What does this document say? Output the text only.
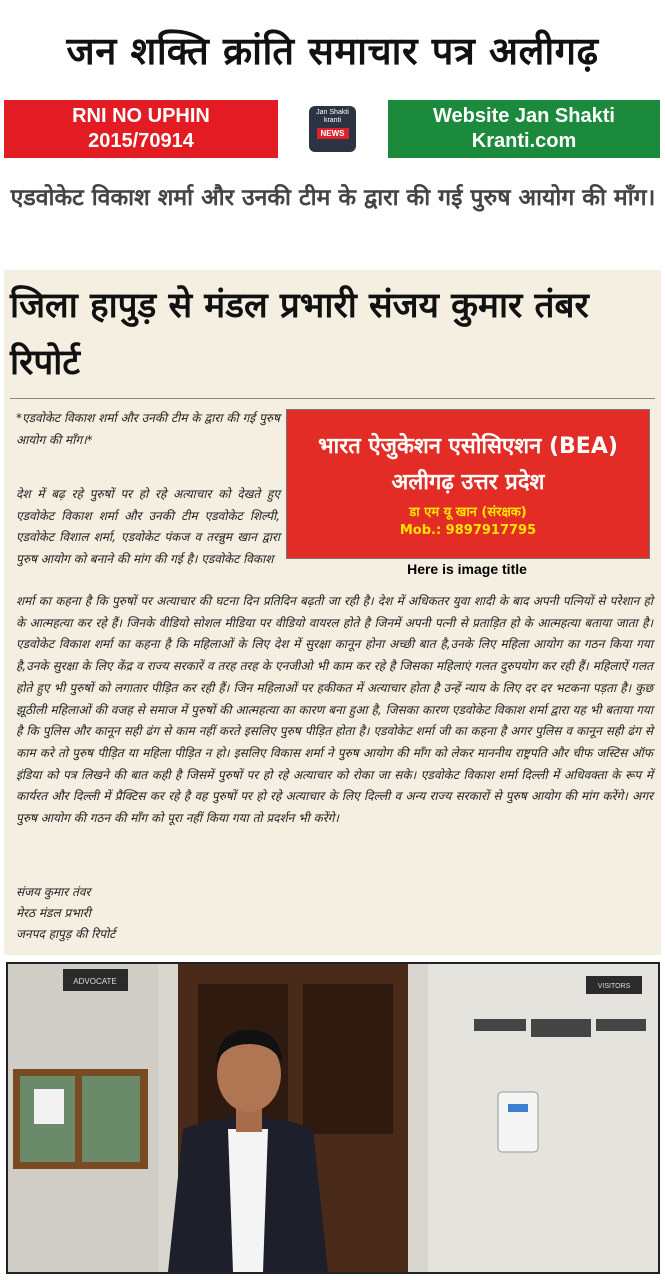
जन शक्ति क्रांति समाचार पत्र अलीगढ़
RNI NO UPHIN
2015/70914
Jan Shakti
kranti
NEWS
Website Jan Shakti
Kranti.com
एडवोकेट विकाश शर्मा और उनकी टीम के द्वारा की गई पुरुष आयोग की माँग।
जिला हापुड़ से मंडल प्रभारी संजय कुमार तंबर रिपोर्ट
भारत ऐजुकेशन एसोसिएशन (BEA)
अलीगढ़ उत्तर प्रदेश
डा एम यू खान (संरक्षक)
Mob.: 9897917795
Here is image title
*एडवोकेट विकाश शर्मा और उनकी टीम के द्वारा की गई पुरुष आयोग की माँग।*
देश में बढ़ रहे पुरुषों पर हो रहे अत्याचार को देखते हुए एडवोकेट विकाश शर्मा और उनकी टीम एडवोकेट शिल्पी, एडवोकेट विशाल शर्मा, एडवोकेट पंकज व तरन्नुम खान द्वारा पुरुष आयोग को बनाने की मांग की गई है। एडवोकेट विकाश
शर्मा का कहना है कि पुरुषों पर अत्याचार की घटना दिन प्रतिदिन बढ़ती जा रही है। देश में अधिकतर युवा शादी के बाद अपनी पत्नियों से परेशान हो के आत्महत्या कर रहे हैं। जिनके वीडियो सोशल मीडिया पर वीडियो वायरल होते है जिनमें अपनी पत्नी से प्रताड़ित हो के आत्महत्या बताया जाता है। एडवोकेट विकाश शर्मा का कहना है कि महिलाओं के लिए देश में सुरक्षा कानून होना अच्छी बात है,उनके लिए महिला आयोग का गठन किया गया है,उनके सुरक्षा के लिए केंद्र व राज्य सरकारें व तरह तरह के एनजीओ भी काम कर रहे है जिसका महिलाएं गलत दुरुपयोग कर रही हैं। महिलाऐं गलत होते हुए भी पुरुषों को लगातार पीड़ित कर रही हैं। जिन महिलाओं पर हकीकत में अत्याचार होता है उन्हें न्याय के लिए दर दर भटकना पड़ता है। कुछ झूठीली महिलाओं की वजह से समाज में पुरुषों की आत्महत्या का कारण बना हुआ है, जिसका कारण एडवोकेट विकाश शर्मा द्वारा यह भी बताया गया है कि पुलिस और कानून सही ढंग से काम नहीं करते इसलिए पुरुष पीड़ित होता है। एडवोकेट शर्मा जी का कहना है अगर पुलिस व कानून सही ढंग से काम करे तो पुरुष पीड़ित या महिला पीड़ित न हो। इसलिए विकास शर्मा ने पुरुष आयोग की माँग को लेकर माननीय राष्ट्रपति और चीफ जस्टिस ऑफ इंडिया को पत्र लिखने की बात कही है जिसमें पुरुषों पर हो रहे अत्याचार को रोका जा सके। एडवोकेट विकाश शर्मा दिल्ली में अधिवक्ता के रूप में कार्यरत और दिल्ली में प्रैक्टिस कर रहे है वह पुरुषों पर हो रहे अत्याचार के लिए दिल्ली व अन्य राज्य सरकारों से पुरुष आयोग की मांग करेंगे। अगर पुरुष आयोग की गठन की माँग को पूरा नहीं किया गया तो प्रदर्शन भी करेंगे।
संजय कुमार तंवर
मेरठ मंडल प्रभारी
जनपद हापुड़ की रिपोर्ट
ADVOCATE
VISITORS
